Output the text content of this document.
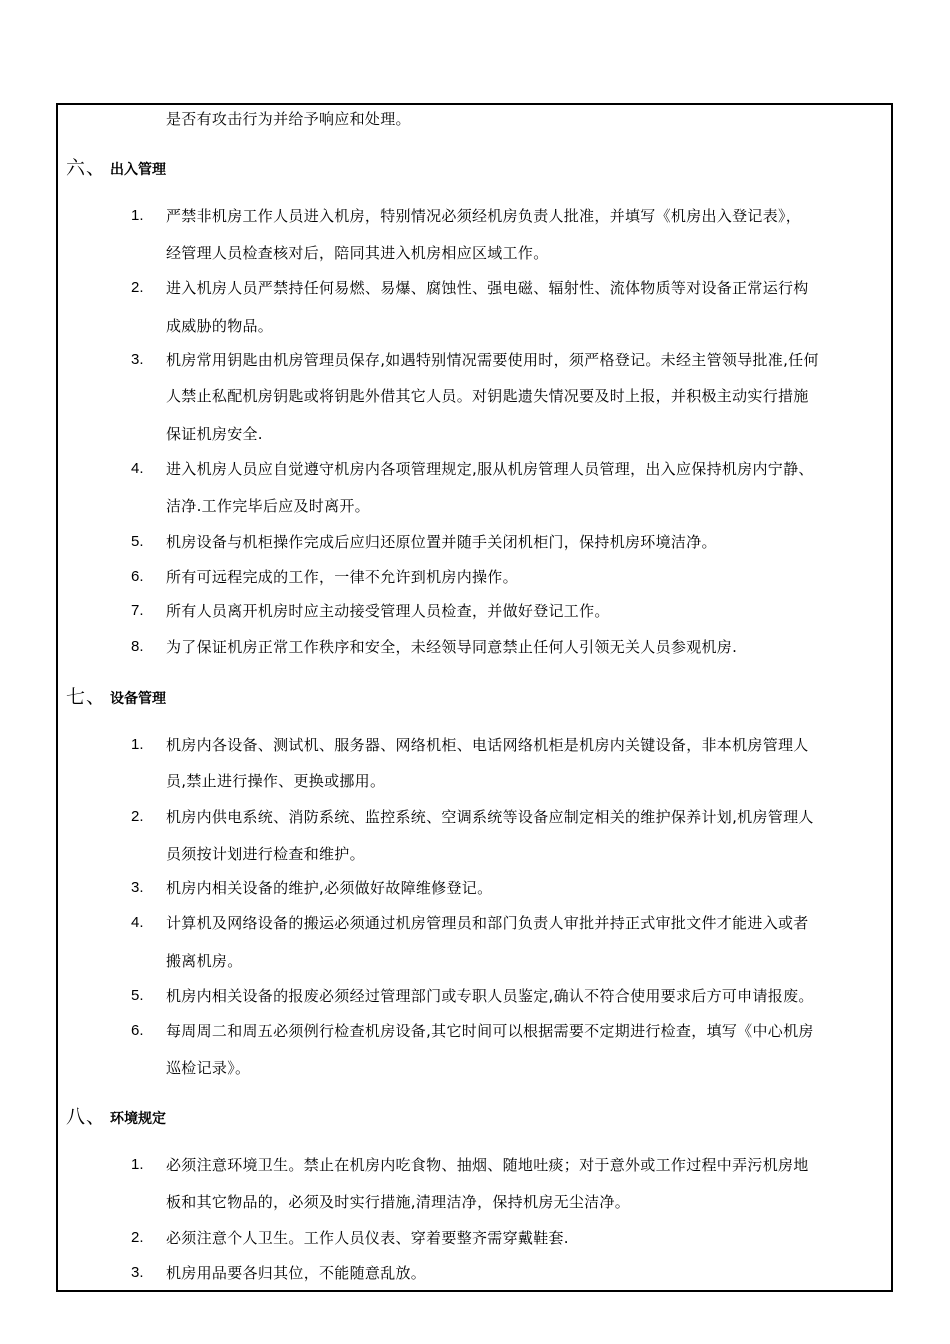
是否有攻击行为并给予响应和处理。
六、 出入管理
1.	严禁非机房工作人员进入机房，特别情况必须经机房负责人批准，并填写《机房出入登记表》，
经管理人员检查核对后，陪同其进入机房相应区域工作。
2.	进入机房人员严禁持任何易燃、易爆、腐蚀性、强电磁、辐射性、流体物质等对设备正常运行构
成威胁的物品。
3.	机房常用钥匙由机房管理员保存,如遇特别情况需要使用时，须严格登记。未经主管领导批准,任何
人禁止私配机房钥匙或将钥匙外借其它人员。对钥匙遗失情况要及时上报，并积极主动实行措施
保证机房安全.
4.	进入机房人员应自觉遵守机房内各项管理规定,服从机房管理人员管理，出入应保持机房内宁静、
洁净.工作完毕后应及时离开。
5.	机房设备与机柜操作完成后应归还原位置并随手关闭机柜门，保持机房环境洁净。
6.	所有可远程完成的工作，一律不允许到机房内操作。
7.	所有人员离开机房时应主动接受管理人员检查，并做好登记工作。
8.	为了保证机房正常工作秩序和安全，未经领导同意禁止任何人引领无关人员参观机房.
七、 设备管理
1.	机房内各设备、测试机、服务器、网络机柜、电话网络机柜是机房内关键设备，非本机房管理人
员,禁止进行操作、更换或挪用。
2.	机房内供电系统、消防系统、监控系统、空调系统等设备应制定相关的维护保养计划,机房管理人
员须按计划进行检查和维护。
3.	机房内相关设备的维护,必须做好故障维修登记。
4.	计算机及网络设备的搬运必须通过机房管理员和部门负责人审批并持正式审批文件才能进入或者
搬离机房。
5.	机房内相关设备的报废必须经过管理部门或专职人员鉴定,确认不符合使用要求后方可申请报废。
6.	每周周二和周五必须例行检查机房设备,其它时间可以根据需要不定期进行检查，填写《中心机房
巡检记录》。
八、 环境规定
1.	必须注意环境卫生。禁止在机房内吃食物、抽烟、随地吐痰；对于意外或工作过程中弄污机房地
板和其它物品的，必须及时实行措施,清理洁净，保持机房无尘洁净。
2.	必须注意个人卫生。工作人员仪表、穿着要整齐需穿戴鞋套.
3.	机房用品要各归其位，不能随意乱放。
